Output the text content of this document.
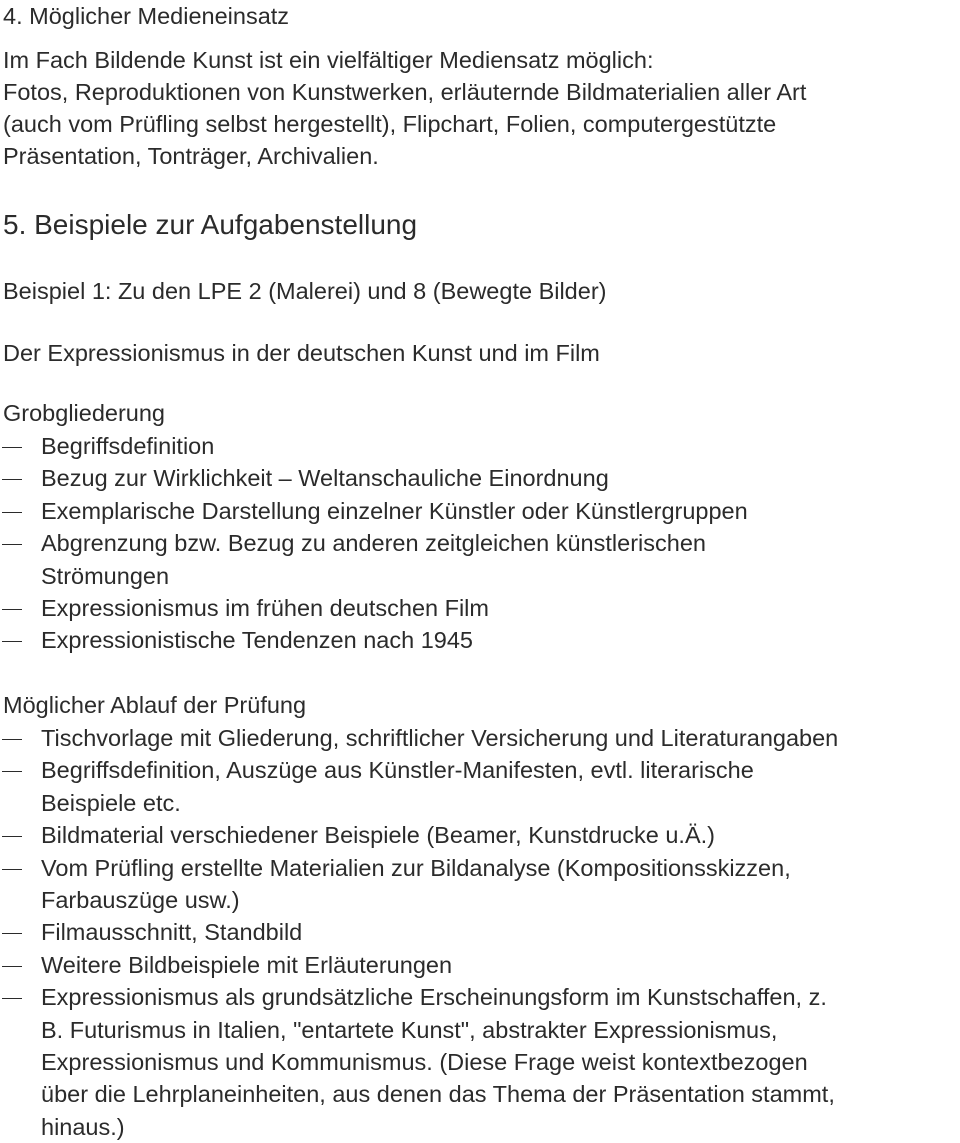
4. Möglicher Medieneinsatz
Im Fach Bildende Kunst ist ein vielfältiger Mediensatz möglich:
Fotos, Reproduktionen von Kunstwerken, erläuternde Bildmaterialien aller Art
(auch vom Prüfling selbst hergestellt), Flipchart, Folien, computergestützte
Präsentation, Tonträger, Archivalien.
5. Beispiele zur Aufgabenstellung
Beispiel 1: Zu den LPE 2 (Malerei) und 8 (Bewegte Bilder)
Der Expressionismus in der deutschen Kunst und im Film
Grobgliederung
Begriffsdefinition
Bezug zur Wirklichkeit – Weltanschauliche Einordnung
Exemplarische Darstellung einzelner Künstler oder Künstlergruppen
Abgrenzung bzw. Bezug zu anderen zeitgleichen künstlerischen
Strömungen
Expressionismus im frühen deutschen Film
Expressionistische Tendenzen nach 1945
Möglicher Ablauf der Prüfung
Tischvorlage mit Gliederung, schriftlicher Versicherung und Literaturangaben
Begriffsdefinition, Auszüge aus Künstler-Manifesten, evtl. literarische
Beispiele etc.
Bildmaterial verschiedener Beispiele (Beamer, Kunstdrucke u.Ä.)
Vom Prüfling erstellte Materialien zur Bildanalyse (Kompositionsskizzen,
Farbauszüge usw.)
Filmausschnitt, Standbild
Weitere Bildbeispiele mit Erläuterungen
Expressionismus als grundsätzliche Erscheinungsform im Kunstschaffen, z.
B. Futurismus in Italien, "entartete Kunst", abstrakter Expressionismus,
Expressionismus und Kommunismus. (Diese Frage weist kontextbezogen
über die Lehrplaneinheiten, aus denen das Thema der Präsentation stammt,
hinaus.)
